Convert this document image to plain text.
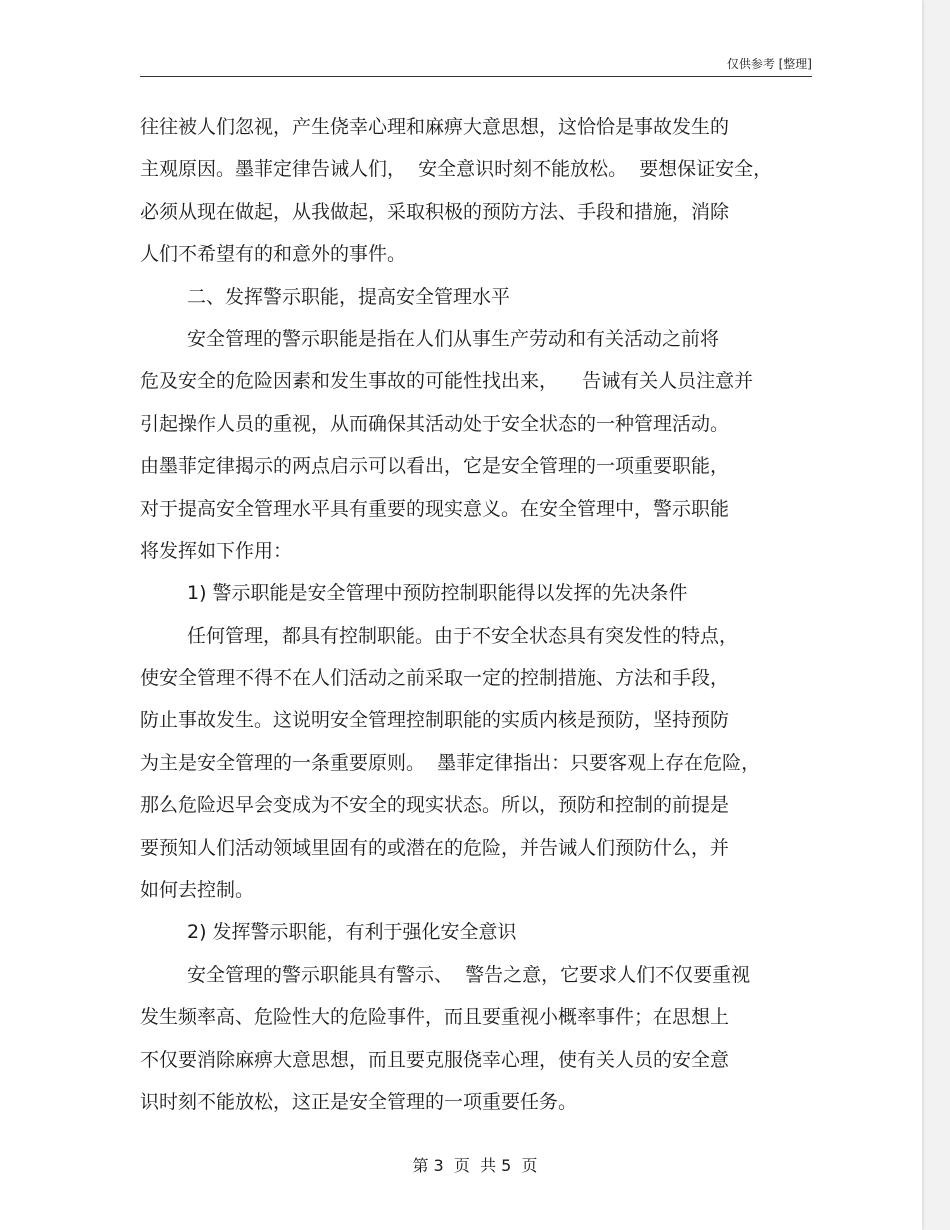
仅供参考 [整理]
往往被人们忽视，产生侥幸心理和麻痹大意思想，这恰恰是事故发生的
主观原因。墨菲定律告诫人们，  安全意识时刻不能放松。  要想保证安全，
必须从现在做起，从我做起，采取积极的预防方法、手段和措施，消除
人们不希望有的和意外的事件。
二、发挥警示职能，提高安全管理水平
安全管理的警示职能是指在人们从事生产劳动和有关活动之前将
危及安全的危险因素和发生事故的可能性找出来，    告诫有关人员注意并
引起操作人员的重视，从而确保其活动处于安全状态的一种管理活动。
由墨菲定律揭示的两点启示可以看出，它是安全管理的一项重要职能，
对于提高安全管理水平具有重要的现实意义。在安全管理中，警示职能
将发挥如下作用：
1) 警示职能是安全管理中预防控制职能得以发挥的先决条件
任何管理，都具有控制职能。由于不安全状态具有突发性的特点，
使安全管理不得不在人们活动之前采取一定的控制措施、方法和手段，
防止事故发生。这说明安全管理控制职能的实质内核是预防，坚持预防
为主是安全管理的一条重要原则。  墨菲定律指出：只要客观上存在危险，
那么危险迟早会变成为不安全的现实状态。所以，预防和控制的前提是
要预知人们活动领域里固有的或潜在的危险，并告诫人们预防什么，并
如何去控制。
2) 发挥警示职能，有利于强化安全意识
安全管理的警示职能具有警示、  警告之意，它要求人们不仅要重视
发生频率高、危险性大的危险事件，而且要重视小概率事件；在思想上
不仅要消除麻痹大意思想，而且要克服侥幸心理，使有关人员的安全意
识时刻不能放松，这正是安全管理的一项重要任务。
第 3  页  共 5  页
